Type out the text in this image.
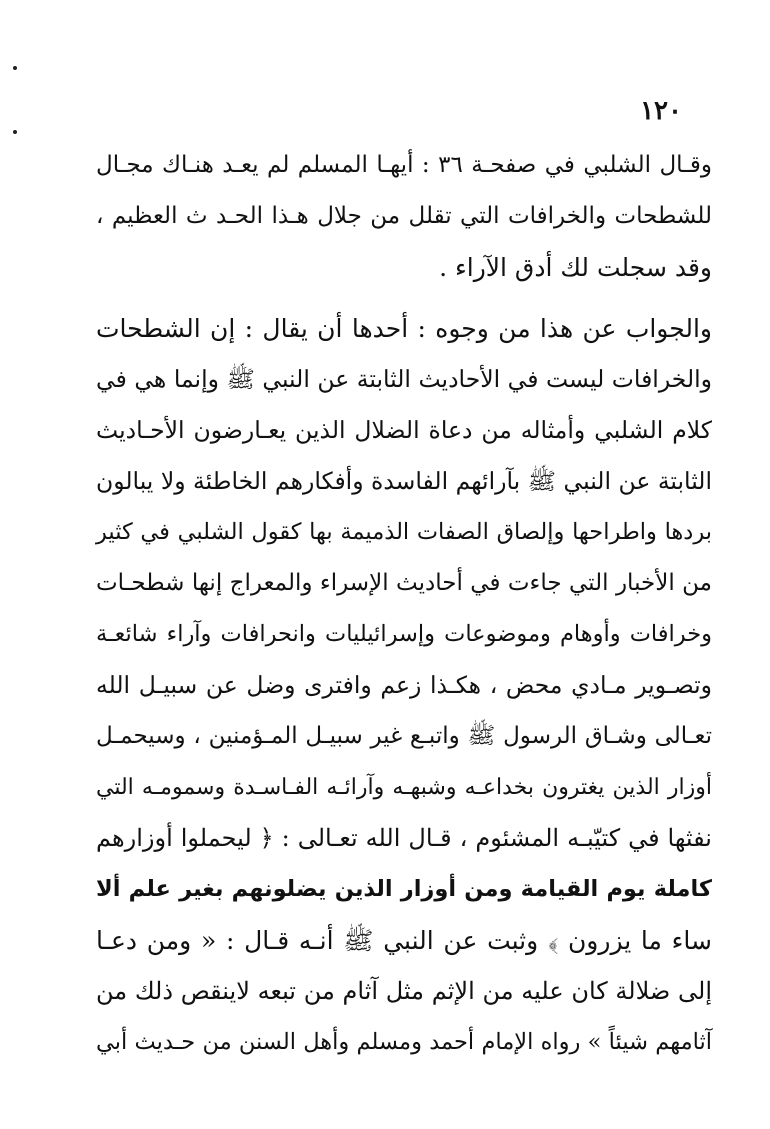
١٢٠

وقـال الشلبي في صفحـة ٣٦ : أيهـا المسلم لم يعـد هنـاك مجـال
للشطحات والخرافات التي تقلل من جلال هـذا الحـد ث العظيم ،
وقد سجلت لك أدق الآراء .

والجواب عن هذا من وجوه : أحدها أن يقال : إن الشطحات
والخرافات ليست في الأحاديث الثابتة عن النبي ﷺ وإنما هي في
كلام الشلبي وأمثاله من دعاة الضلال الذين يعـارضون الأحـاديث
الثابتة عن النبي ﷺ بآرائهم الفاسدة وأفكارهم الخاطئة ولا يبالون
بردها واطراحها وإلصاق الصفات الذميمة بها كقول الشلبي في كثير
من الأخبار التي جاءت في أحاديث الإسراء والمعراج إنها شطحـات
وخرافات وأوهام وموضوعات وإسرائيليات وانحرافات وآراء شائعـة
وتصـوير مـادي محض ، هكـذا زعم وافترى وضل عن سبيـل الله
تعـالى وشـاق الرسول ﷺ واتبـع غير سبيـل المـؤمنين ، وسيحمـل
أوزار الذين يغترون بخداعـه وشبهـه وآرائـه الفـاسـدة وسمومـه التي
نفثها في كتيّبـه المشئوم ، قـال الله تعـالى : ﴿ ليحملوا أوزارهم
كاملة يوم القيامة ومن أوزار الذين يضلونهم بغير علم ألا
ساء ما يزرون ﴾ وثبت عن النبي ﷺ أنـه قـال : « ومن دعـا
إلى ضلالة كان عليه من الإثم مثل آثام من تبعه لاينقص ذلك من
آثامهم شيئاً » رواه الإمام أحمد ومسلم وأهل السنن من حـديث أبي
